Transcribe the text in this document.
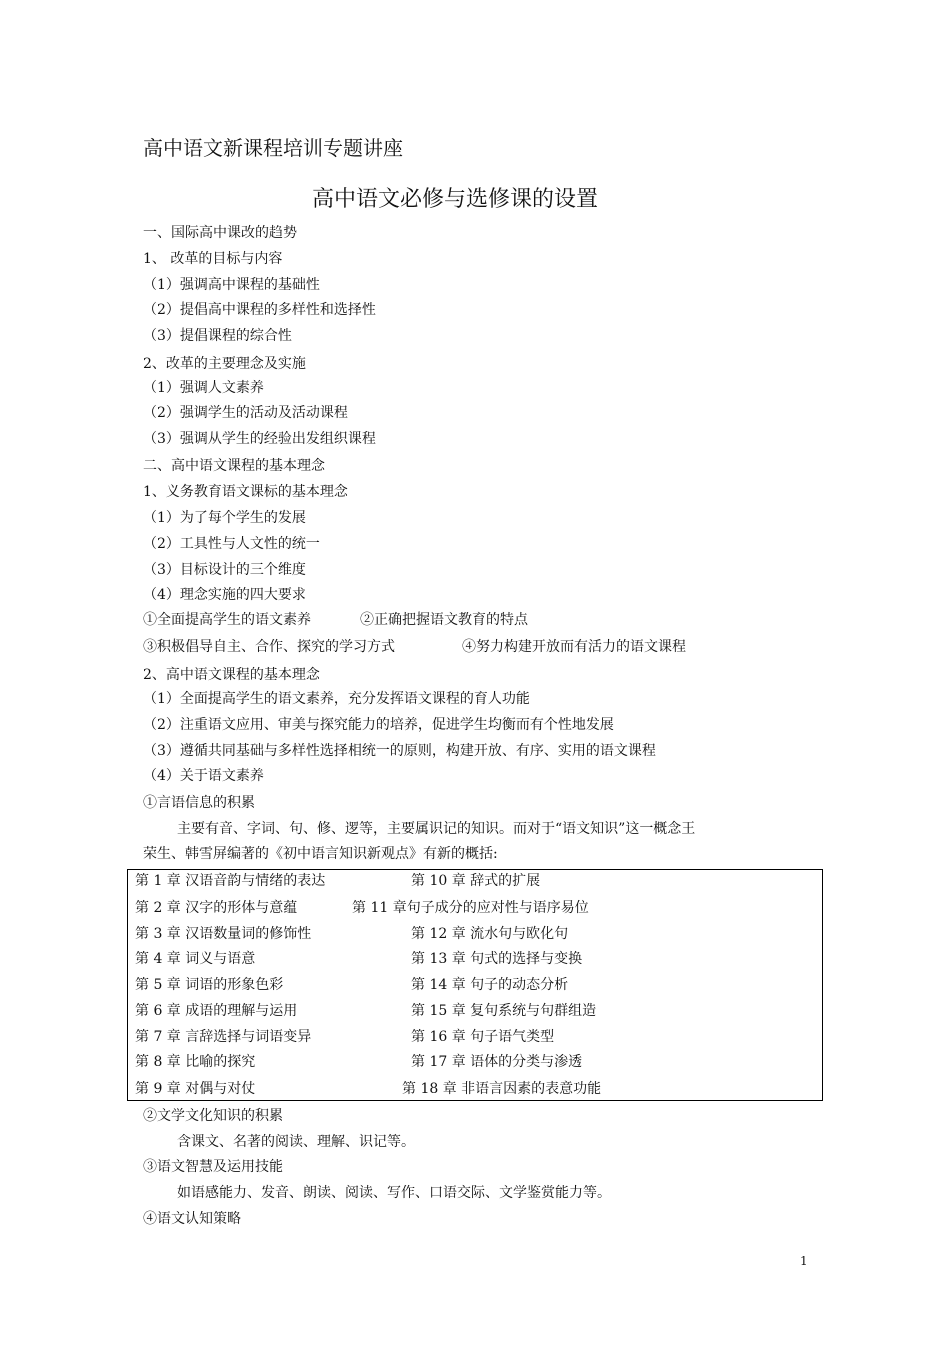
高中语文新课程培训专题讲座
高中语文必修与选修课的设置
一、国际高中课改的趋势
1、 改革的目标与内容
（1）强调高中课程的基础性
（2）提倡高中课程的多样性和选择性
（3）提倡课程的综合性
2、改革的主要理念及实施
（1）强调人文素养
（2）强调学生的活动及活动课程
（3）强调从学生的经验出发组织课程
二、高中语文课程的基本理念
1、义务教育语文课标的基本理念
（1）为了每个学生的发展
（2）工具性与人文性的统一
（3）目标设计的三个维度
（4）理念实施的四大要求
①全面提高学生的语文素养	②正确把握语文教育的特点
③积极倡导自主、合作、探究的学习方式	④努力构建开放而有活力的语文课程
2、高中语文课程的基本理念
（1）全面提高学生的语文素养，充分发挥语文课程的育人功能
（2）注重语文应用、审美与探究能力的培养，促进学生均衡而有个性地发展
（3）遵循共同基础与多样性选择相统一的原则，构建开放、有序、实用的语文课程
（4）关于语文素养
①言语信息的积累
主要有音、字词、句、修、逻等，主要属识记的知识。而对于“语文知识”这一概念王
荣生、韩雪屏编著的《初中语言知识新观点》有新的概括:
第 1 章 汉语音韵与情绪的表达
第 2 章 汉字的形体与意蕴
第 3 章 汉语数量词的修饰性
第 4 章 词义与语意
第 5 章 词语的形象色彩
第 6 章 成语的理解与运用
第 7 章 言辞选择与词语变异
第 8 章 比喻的探究
第 9 章 对偶与对仗
第 10 章 辞式的扩展
第 11 章句子成分的应对性与语序易位
第 12 章 流水句与欧化句
第 13 章 句式的选择与变换
第 14 章 句子的动态分析
第 15 章 复句系统与句群组造
第 16 章 句子语气类型
第 17 章 语体的分类与渗透
第 18 章 非语言因素的表意功能
②文学文化知识的积累
含课文、名著的阅读、理解、识记等。
③语文智慧及运用技能
如语感能力、发音、朗读、阅读、写作、口语交际、文学鉴赏能力等。
④语文认知策略
1
